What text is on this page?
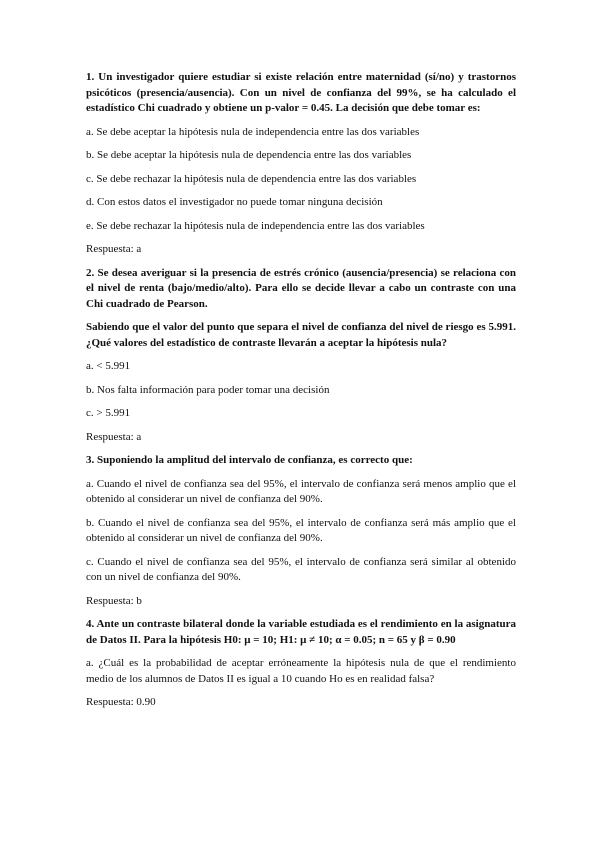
1. Un investigador quiere estudiar si existe relación entre maternidad (sí/no) y trastornos psicóticos (presencia/ausencia). Con un nivel de confianza del 99%, se ha calculado el estadístico Chi cuadrado y obtiene un p-valor = 0.45. La decisión que debe tomar es:

a. Se debe aceptar la hipótesis nula de independencia entre las dos variables

b. Se debe aceptar la hipótesis nula de dependencia entre las dos variables

c. Se debe rechazar la hipótesis nula de dependencia entre las dos variables

d. Con estos datos el investigador no puede tomar ninguna decisión

e. Se debe rechazar la hipótesis nula de independencia entre las dos variables

Respuesta: a

2. Se desea averiguar si la presencia de estrés crónico (ausencia/presencia) se relaciona con el nivel de renta (bajo/medio/alto). Para ello se decide llevar a cabo un contraste con una Chi cuadrado de Pearson.

Sabiendo que el valor del punto que separa el nivel de confianza del nivel de riesgo es 5.991. ¿Qué valores del estadístico de contraste llevarán a aceptar la hipótesis nula?

a. < 5.991

b. Nos falta información para poder tomar una decisión

c. > 5.991

Respuesta: a

3. Suponiendo la amplitud del intervalo de confianza, es correcto que:

a. Cuando el nivel de confianza sea del 95%, el intervalo de confianza será menos amplio que el obtenido al considerar un nivel de confianza del 90%.

b. Cuando el nivel de confianza sea del 95%, el intervalo de confianza será más amplio que el obtenido al considerar un nivel de confianza del 90%.

c. Cuando el nivel de confianza sea del 95%, el intervalo de confianza será similar al obtenido con un nivel de confianza del 90%.

Respuesta: b

4. Ante un contraste bilateral donde la variable estudiada es el rendimiento en la asignatura de Datos II. Para la hipótesis H0: μ = 10; H1: μ ≠ 10; α = 0.05; n = 65 y β = 0.90

a. ¿Cuál es la probabilidad de aceptar erróneamente la hipótesis nula de que el rendimiento medio de los alumnos de Datos II es igual a 10 cuando Ho es en realidad falsa?

Respuesta: 0.90
